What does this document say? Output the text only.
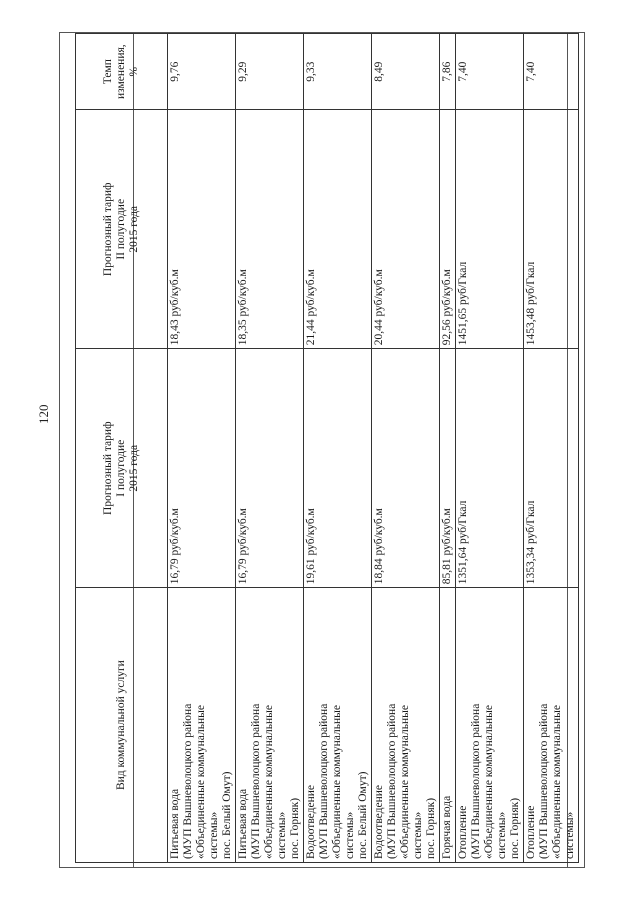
120
Вид коммунальной услуги	Прогнозный тариф I полугодие 2015 года	Прогнозный тариф II полугодие 2015 года	Темп изменения, %

Питьевая вода (МУП Вышневолоцкого района «Объединенные коммунальные системы» пос. Белый Омут)	16,79 руб/куб.м	18,43 руб/куб.м	9,76

Питьевая вода (МУП Вышневолоцкого района «Объединенные коммунальные системы» пос. Горняк)	16,79 руб/куб.м	18,35 руб/куб.м	9,29

Водоотведение (МУП Вышневолоцкого района «Объединенные коммунальные системы» пос. Белый Омут)	19,61 руб/куб.м	21,44 руб/куб.м	9,33

Водоотведение (МУП Вышневолоцкого района «Объединенные коммунальные системы» пос. Горняк)	18,84 руб/куб.м	20,44 руб/куб.м	8,49

Горячая вода	85,81 руб/куб.м	92,56 руб/куб.м	7,86

Отопление (МУП Вышневолоцкого района «Объединенные коммунальные системы» пос. Горняк)	1351,64 руб/Гкал	1451,65 руб/Гкал	7,40

Отопление (МУП Вышневолоцкого района «Объединенные коммунальные системы»	1353,34 руб/Гкал	1453,48 руб/Гкал	7,40
